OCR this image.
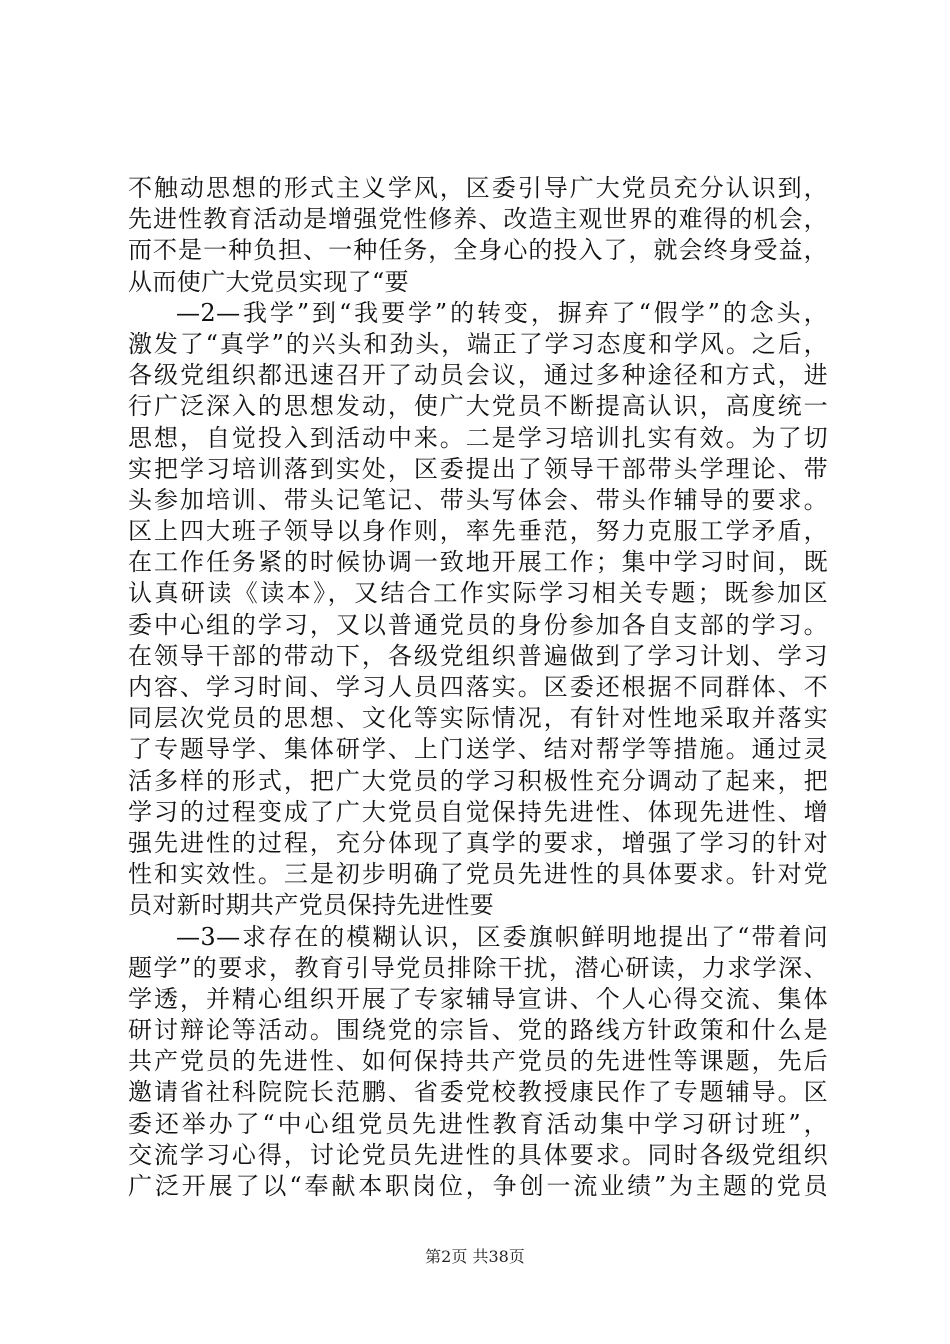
不触动思想的形式主义学风，区委引导广大党员充分认识到，
先进性教育活动是增强党性修养、改造主观世界的难得的机会，
而不是一种负担、一种任务，全身心的投入了，就会终身受益，
从而使广大党员实现了“要
—2—我学”到“我要学”的转变，摒弃了“假学”的念头，
激发了“真学”的兴头和劲头，端正了学习态度和学风。之后，
各级党组织都迅速召开了动员会议，通过多种途径和方式，进
行广泛深入的思想发动，使广大党员不断提高认识，高度统一
思想，自觉投入到活动中来。二是学习培训扎实有效。为了切
实把学习培训落到实处，区委提出了领导干部带头学理论、带
头参加培训、带头记笔记、带头写体会、带头作辅导的要求。
区上四大班子领导以身作则，率先垂范，努力克服工学矛盾，
在工作任务紧的时候协调一致地开展工作；集中学习时间，既
认真研读《读本》，又结合工作实际学习相关专题；既参加区
委中心组的学习，又以普通党员的身份参加各自支部的学习。
在领导干部的带动下，各级党组织普遍做到了学习计划、学习
内容、学习时间、学习人员四落实。区委还根据不同群体、不
同层次党员的思想、文化等实际情况，有针对性地采取并落实
了专题导学、集体研学、上门送学、结对帮学等措施。通过灵
活多样的形式，把广大党员的学习积极性充分调动了起来，把
学习的过程变成了广大党员自觉保持先进性、体现先进性、增
强先进性的过程，充分体现了真学的要求，增强了学习的针对
性和实效性。三是初步明确了党员先进性的具体要求。针对党
员对新时期共产党员保持先进性要
—3—求存在的模糊认识，区委旗帜鲜明地提出了“带着问
题学”的要求，教育引导党员排除干扰，潜心研读，力求学深、
学透，并精心组织开展了专家辅导宣讲、个人心得交流、集体
研讨辩论等活动。围绕党的宗旨、党的路线方针政策和什么是
共产党员的先进性、如何保持共产党员的先进性等课题，先后
邀请省社科院院长范鹏、省委党校教授康民作了专题辅导。区
委还举办了“中心组党员先进性教育活动集中学习研讨班”，
交流学习心得，讨论党员先进性的具体要求。同时各级党组织
广泛开展了以“奉献本职岗位，争创一流业绩”为主题的党员
第2页 共38页
